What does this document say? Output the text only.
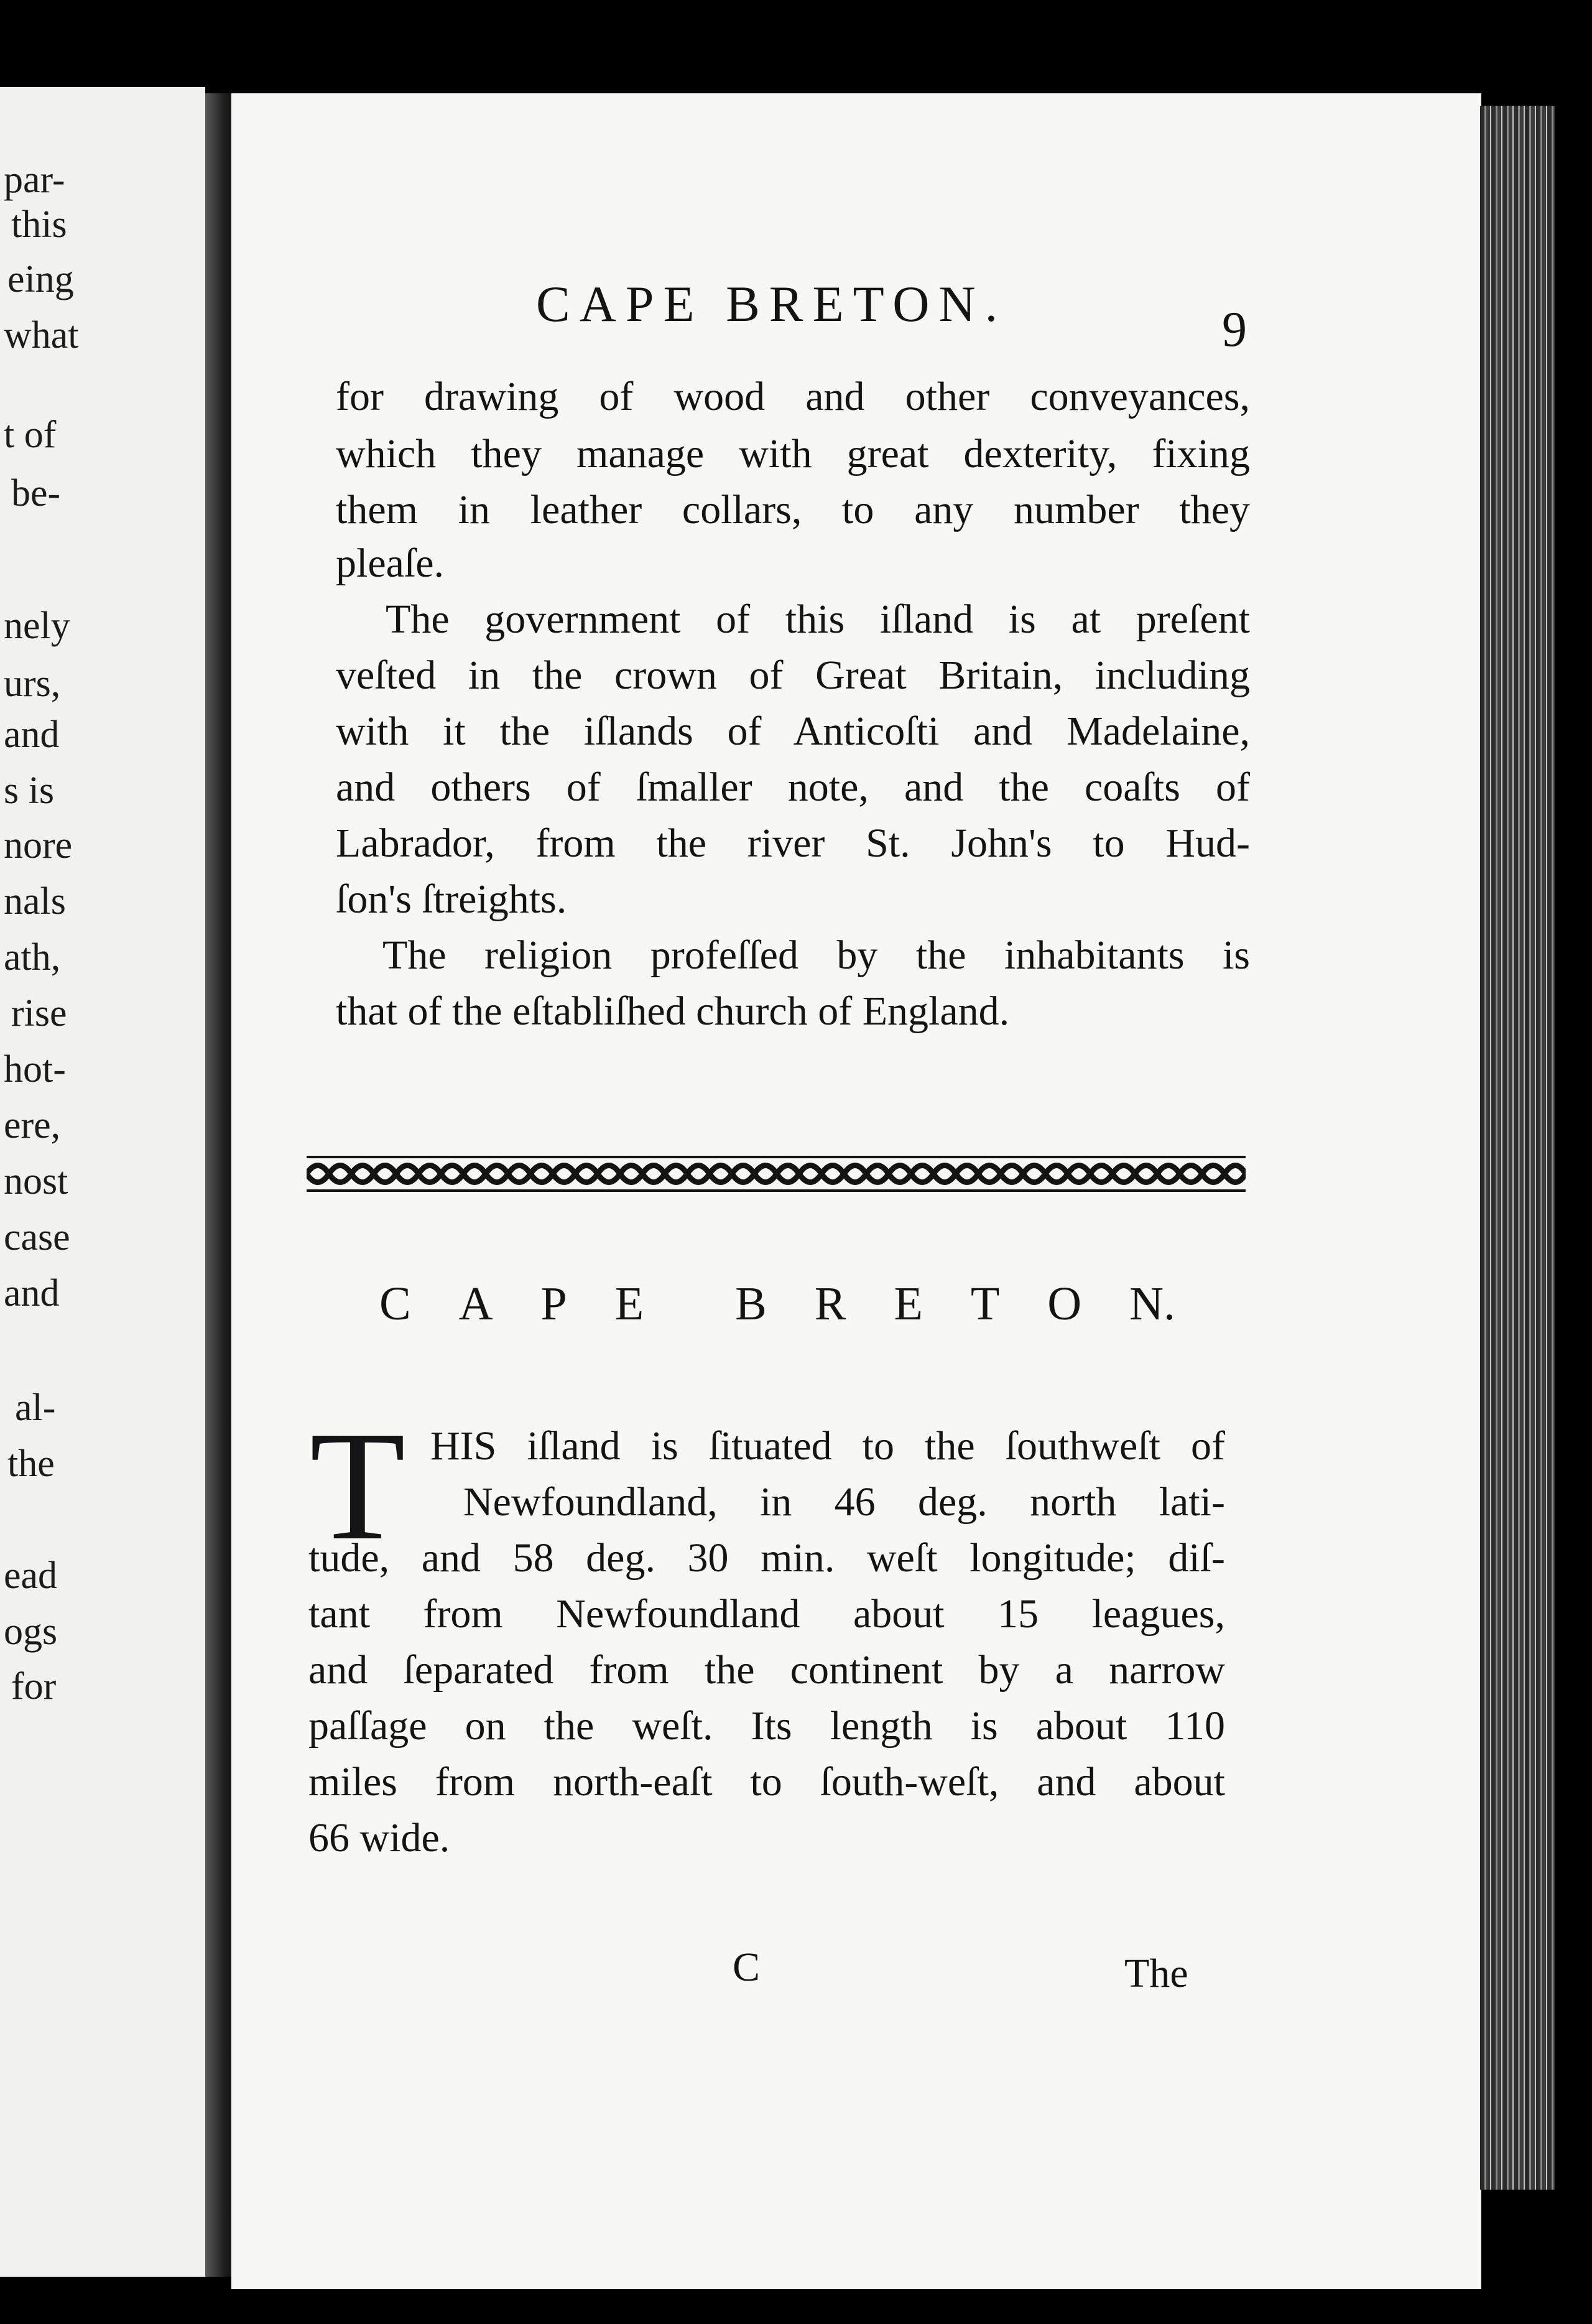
par-
this
eing
what
t of
be-
nely
urs,
and
s is
nore
nals
ath,
rise
hot-
ere,
nost
case
and
al-
the
ead
ogs
for
CAPE BRETON.	9
for drawing of wood and other conveyances,
which they manage with great dexterity, fixing
them in leather collars, to any number they
pleaſe.
The government of this iſland is at preſent
veſted in the crown of Great Britain, including
with it the iſlands of Anticoſti and Madelaine,
and others of ſmaller note, and the coaſts of
Labrador, from the river St. John's to Hud-
ſon's ſtreights.
The religion profeſſed by the inhabitants is
that of the eſtabliſhed church of England.
C A P E B R E T O N.
T HIS iſland is ſituated to the ſouthweſt of
Newfoundland, in 46 deg. north lati-
tude, and 58 deg. 30 min. weſt longitude; diſ-
tant from Newfoundland about 15 leagues,
and ſeparated from the continent by a narrow
paſſage on the weſt. Its length is about 110
miles from north-eaſt to ſouth-weſt, and about
66 wide.
C	The
